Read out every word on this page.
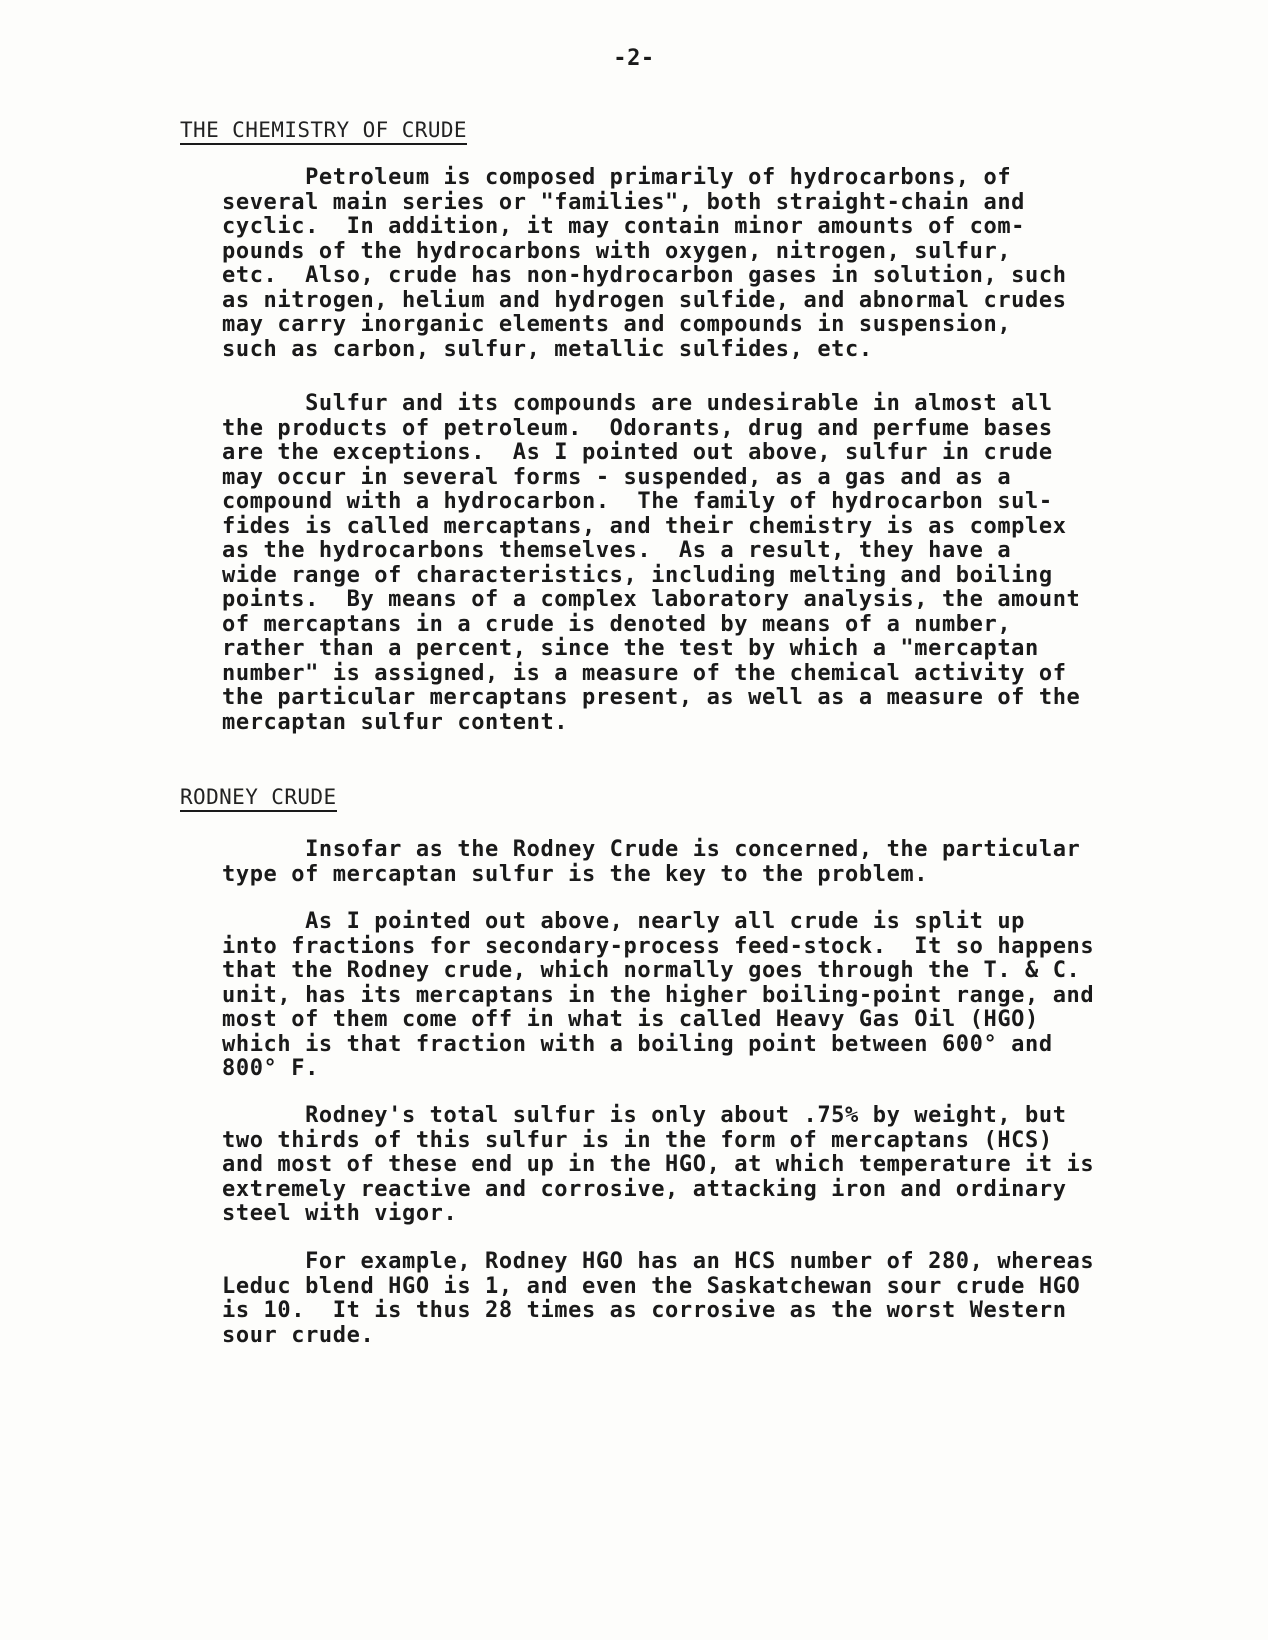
-2-
THE CHEMISTRY OF CRUDE
Petroleum is composed primarily of hydrocarbons, of
several main series or "families", both straight-chain and
cyclic.  In addition, it may contain minor amounts of com-
pounds of the hydrocarbons with oxygen, nitrogen, sulfur,
etc.  Also, crude has non-hydrocarbon gases in solution, such
as nitrogen, helium and hydrogen sulfide, and abnormal crudes
may carry inorganic elements and compounds in suspension,
such as carbon, sulfur, metallic sulfides, etc.
Sulfur and its compounds are undesirable in almost all
the products of petroleum.  Odorants, drug and perfume bases
are the exceptions.  As I pointed out above, sulfur in crude
may occur in several forms - suspended, as a gas and as a
compound with a hydrocarbon.  The family of hydrocarbon sul-
fides is called mercaptans, and their chemistry is as complex
as the hydrocarbons themselves.  As a result, they have a
wide range of characteristics, including melting and boiling
points.  By means of a complex laboratory analysis, the amount
of mercaptans in a crude is denoted by means of a number,
rather than a percent, since the test by which a "mercaptan
number" is assigned, is a measure of the chemical activity of
the particular mercaptans present, as well as a measure of the
mercaptan sulfur content.
RODNEY CRUDE
Insofar as the Rodney Crude is concerned, the particular
type of mercaptan sulfur is the key to the problem.
As I pointed out above, nearly all crude is split up
into fractions for secondary-process feed-stock.  It so happens
that the Rodney crude, which normally goes through the T. & C.
unit, has its mercaptans in the higher boiling-point range, and
most of them come off in what is called Heavy Gas Oil (HGO)
which is that fraction with a boiling point between 600° and
800° F.
Rodney's total sulfur is only about .75% by weight, but
two thirds of this sulfur is in the form of mercaptans (HCS)
and most of these end up in the HGO, at which temperature it is
extremely reactive and corrosive, attacking iron and ordinary
steel with vigor.
For example, Rodney HGO has an HCS number of 280, whereas
Leduc blend HGO is 1, and even the Saskatchewan sour crude HGO
is 10.  It is thus 28 times as corrosive as the worst Western
sour crude.
